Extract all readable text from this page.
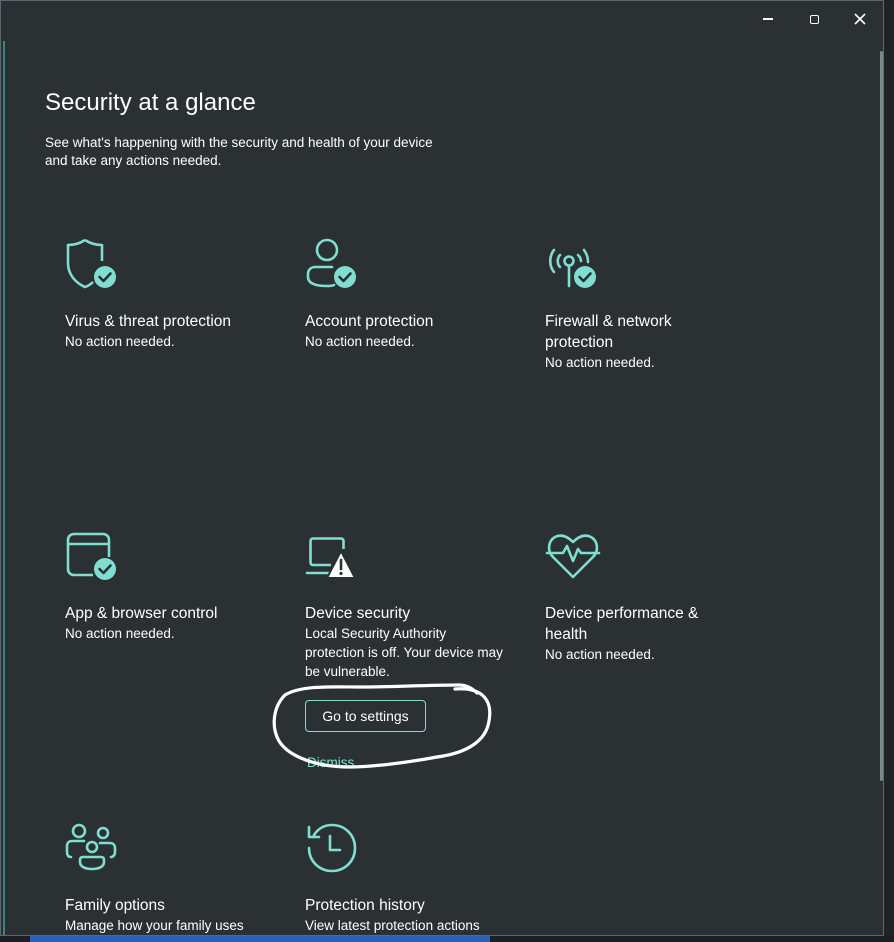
Security at a glance

See what's happening with the security and health of your device and take any actions needed.

Virus & threat protection
No action needed.
Account protection
No action needed.
Firewall & network protection
No action needed.
App & browser control
No action needed.
Device security
Local Security Authority protection is off. Your device may be vulnerable.
Device performance & health
No action needed.
Family options
Manage how your family uses
Protection history
View latest protection actions
Go to settings
Dismiss
